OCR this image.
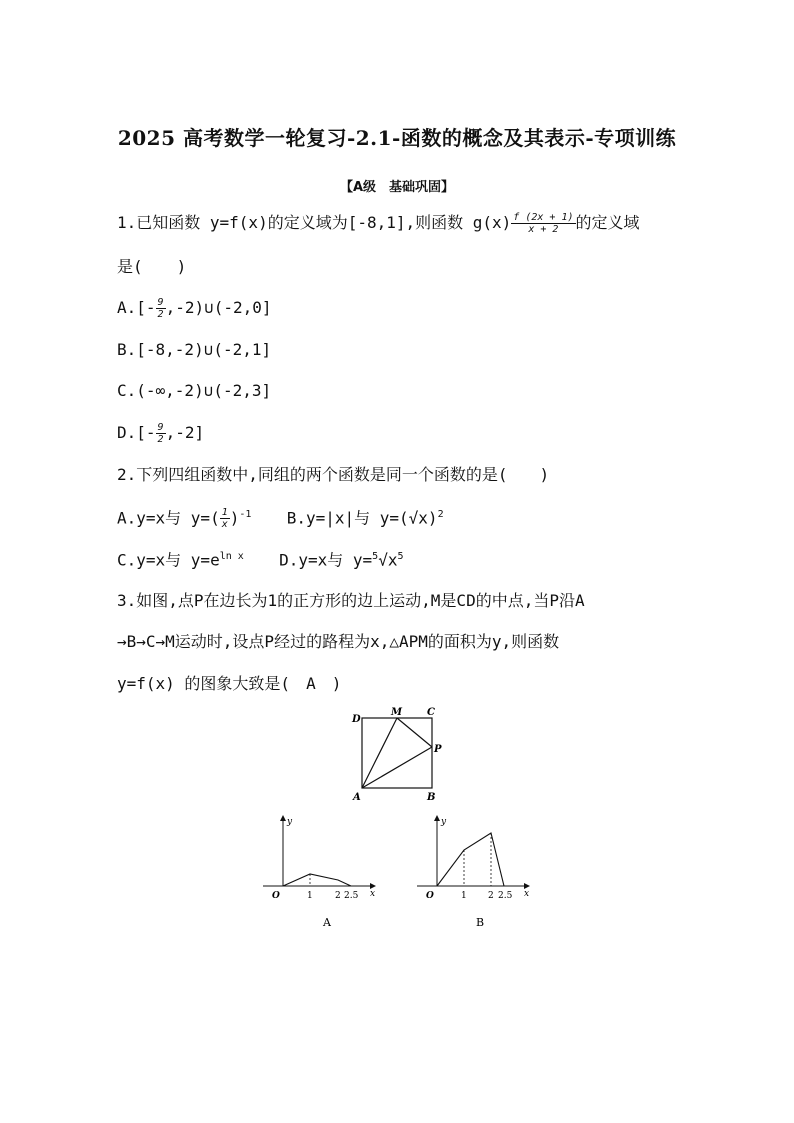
2025 高考数学一轮复习-2.1-函数的概念及其表示-专项训练
【A级　基础巩固】
1.已知函数 y=f(x)的定义域为[-8,1],则函数 $g(x) \frac{f (2x + 1)}{x + 2}$ 的定义域
是( )
$A.[- \frac{9}{2}$ ,-2)∪(-2,0]
B.[-8,-2)∪(-2,1]
C.(-∞,-2)∪(-2,3]
$D.[- \frac{9}{2} ,-2]$
2.下列四组函数中,同组的两个函数是同一个函数的是(　　)
A.y=x与 $y=( \frac{1}{x} )^{-1}$ B.y=|x|与 $y=(√x)^2$
C.y=x与 $y=e^{ln x}$ D.y=x与 $y=^5√x^5$
3.如图,点P在边长为1的正方形的边上运动,M是CD的中点,当P沿A
→B→C→M运动时,设点P经过的路程为x,△APM的面积为y,则函数
y=f(x) 的图象大致是(　A　)
D
M C
P
A	B
y
x
O	1 2 2.5
A
y
x
O	1 2 2.5
B
